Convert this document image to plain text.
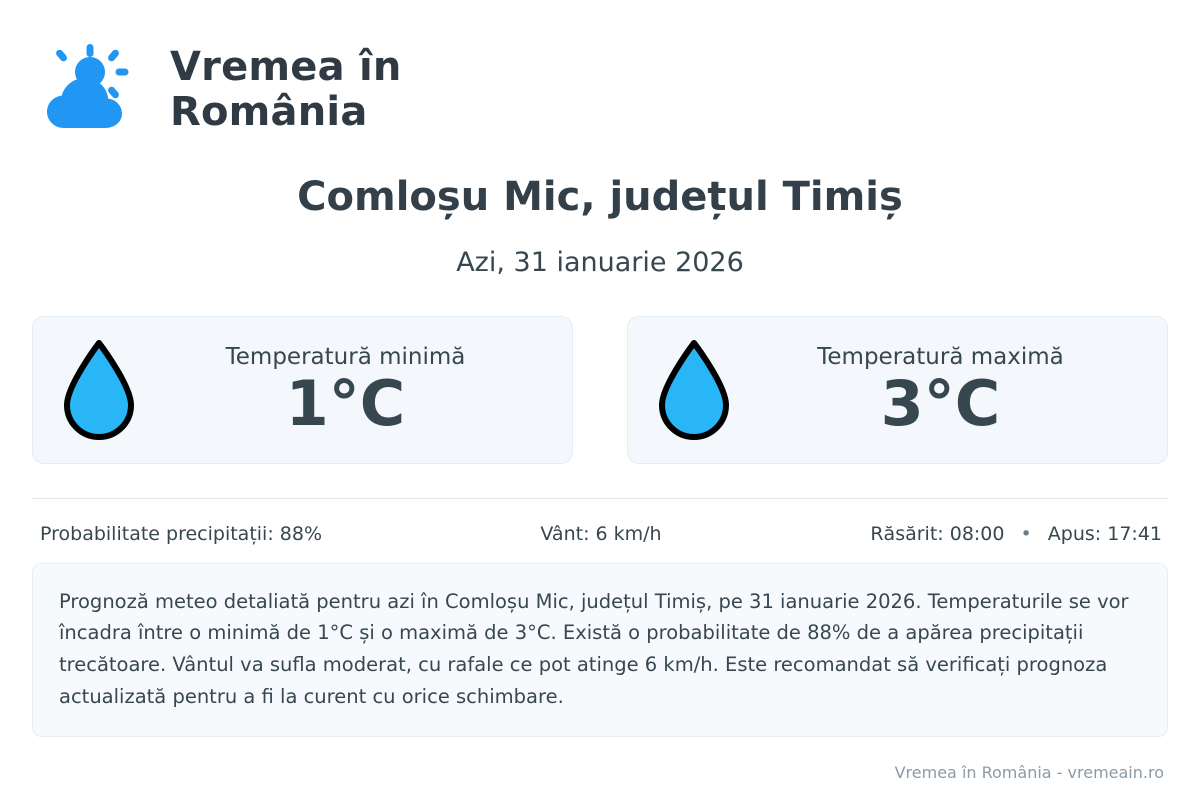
Vremea în
România
Comloșu Mic, județul Timiș
Azi, 31 ianuarie 2026
Temperatură minimă
1°C
Temperatură maximă
3°C
Probabilitate precipitații: 88%	Vânt: 6 km/h	Răsărit: 08:00 • Apus: 17:41
Prognoză meteo detaliată pentru azi în Comloșu Mic, județul Timiș, pe 31 ianuarie 2026. Temperaturile se vor încadra între o minimă de 1°C și o maximă de 3°C. Există o probabilitate de 88% de a apărea precipitații trecătoare. Vântul va sufla moderat, cu rafale ce pot atinge 6 km/h. Este recomandat să verificați prognoza actualizată pentru a fi la curent cu orice schimbare.
Vremea în România - vremeain.ro
